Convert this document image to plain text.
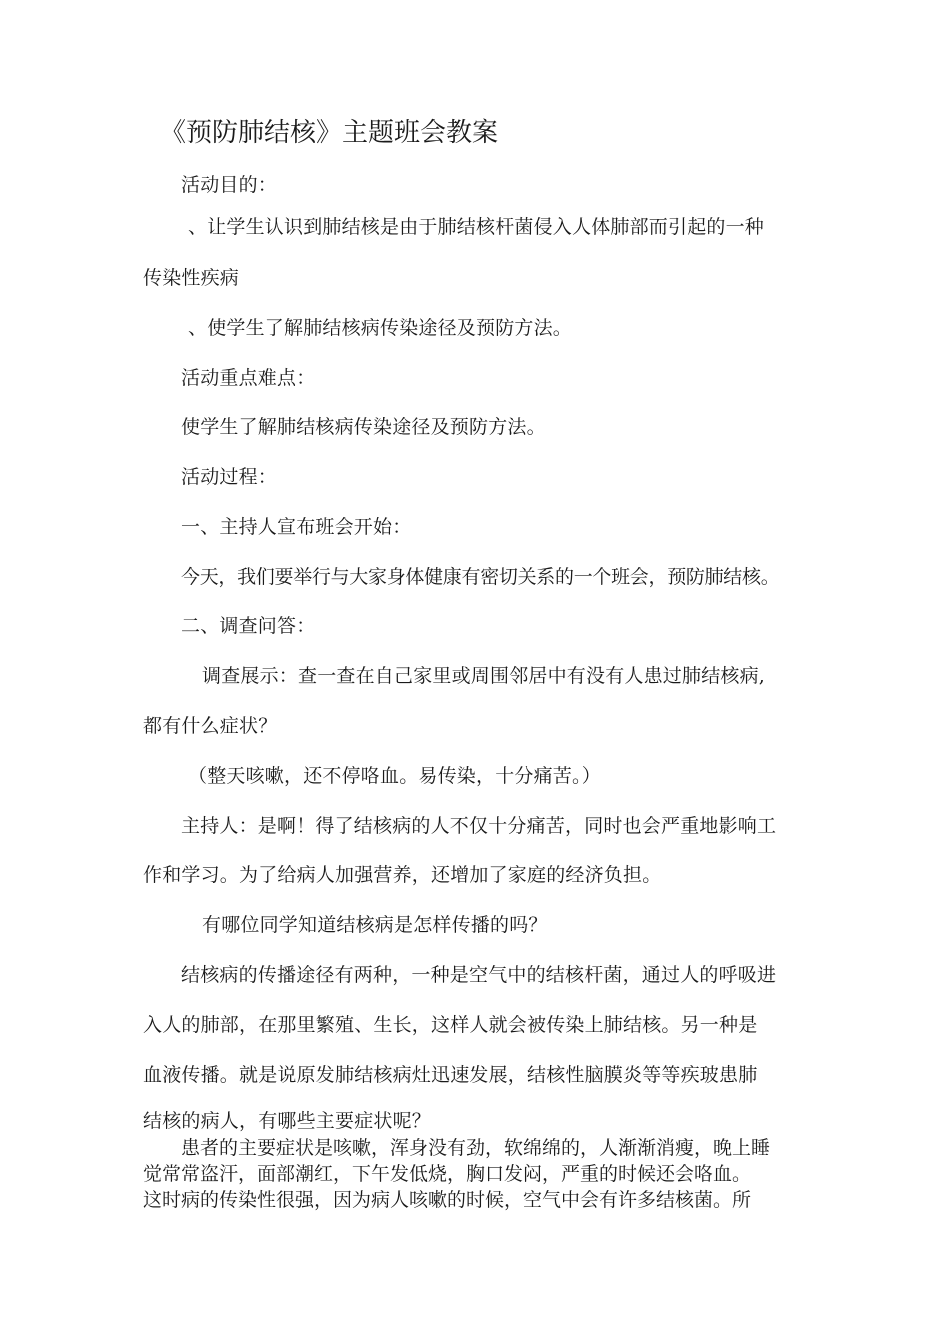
《预防肺结核》主题班会教案
活动目的：
、让学生认识到肺结核是由于肺结核杆菌侵入人体肺部而引起的一种
传染性疾病
、使学生了解肺结核病传染途径及预防方法。
活动重点难点：
使学生了解肺结核病传染途径及预防方法。
活动过程：
一、主持人宣布班会开始：
今天，我们要举行与大家身体健康有密切关系的一个班会，预防肺结核。
二、调查问答：
调查展示：查一查在自己家里或周围邻居中有没有人患过肺结核病,
都有什么症状？
（整天咳嗽，还不停咯血。易传染，十分痛苦。）
主持人：是啊！得了结核病的人不仅十分痛苦，同时也会严重地影响工
作和学习。为了给病人加强营养，还增加了家庭的经济负担。
有哪位同学知道结核病是怎样传播的吗？
结核病的传播途径有两种，一种是空气中的结核杆菌，通过人的呼吸进
入人的肺部，在那里繁殖、生长，这样人就会被传染上肺结核。另一种是
血液传播。就是说原发肺结核病灶迅速发展，结核性脑膜炎等等疾玻患肺
结核的病人，有哪些主要症状呢？
患者的主要症状是咳嗽，浑身没有劲，软绵绵的，人渐渐消瘦，晚上睡
觉常常盗汗，面部潮红，下午发低烧，胸口发闷，严重的时候还会咯血。
这时病的传染性很强，因为病人咳嗽的时候，空气中会有许多结核菌。所
